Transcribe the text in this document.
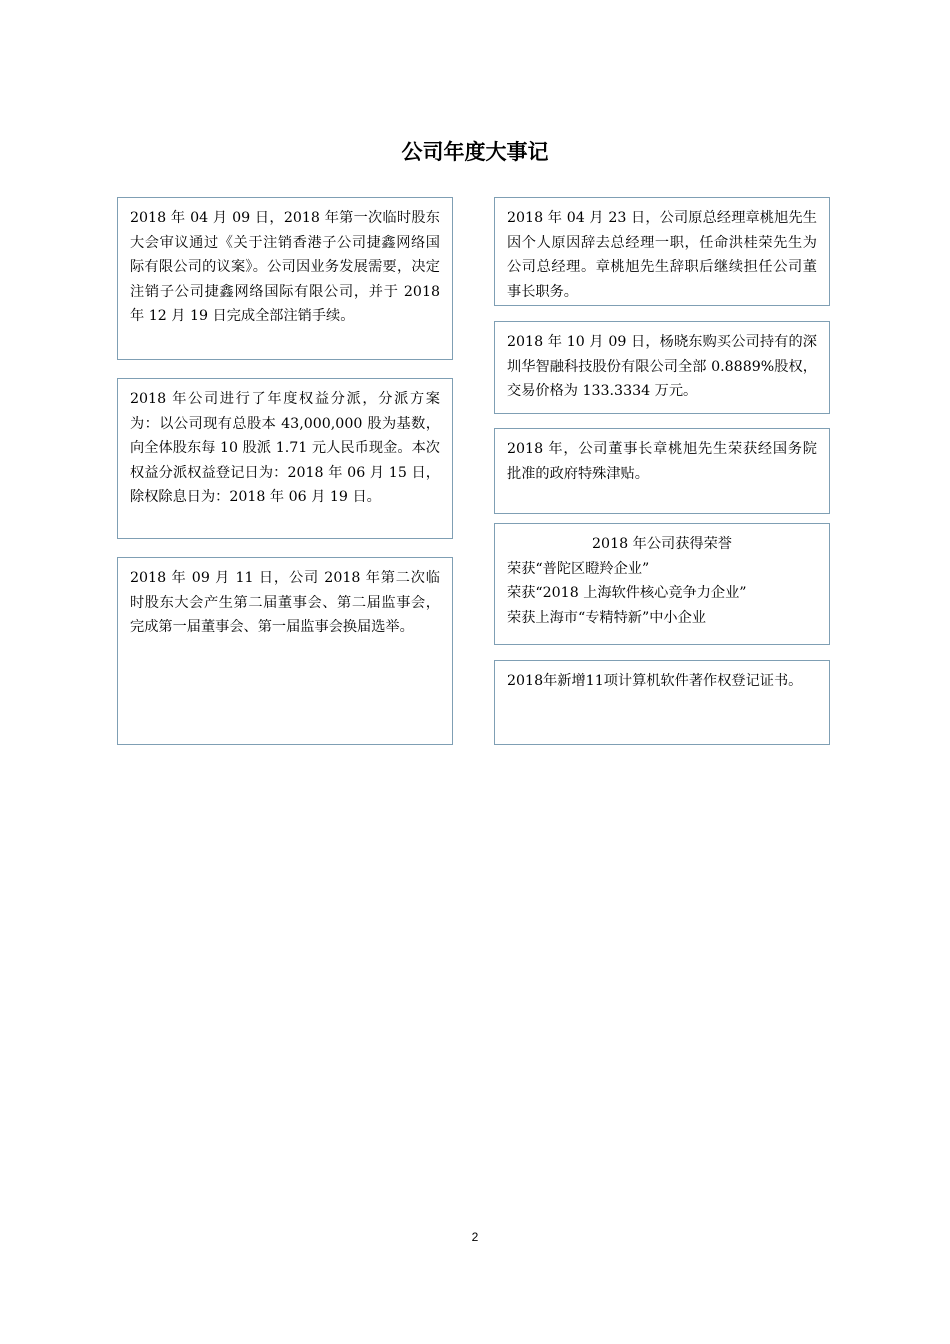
公司年度大事记

2018 年 04 月 09 日，2018 年第一次临时股东大会审议通过《关于注销香港子公司捷鑫网络国际有限公司的议案》。公司因业务发展需要，决定注销子公司捷鑫网络国际有限公司，并于 2018 年 12 月 19 日完成全部注销手续。

2018 年公司进行了年度权益分派，分派方案为：以公司现有总股本 43,000,000 股为基数，向全体股东每 10 股派 1.71 元人民币现金。本次权益分派权益登记日为：2018 年 06 月 15 日，除权除息日为：2018 年 06 月 19 日。

2018 年 09 月 11 日，公司 2018 年第二次临时股东大会产生第二届董事会、第二届监事会，完成第一届董事会、第一届监事会换届选举。

2018 年 04 月 23 日，公司原总经理章桃旭先生因个人原因辞去总经理一职，任命洪桂荣先生为公司总经理。章桃旭先生辞职后继续担任公司董事长职务。

2018 年 10 月 09 日，杨晓东购买公司持有的深圳华智融科技股份有限公司全部 0.8889%股权，交易价格为 133.3334 万元。

2018 年，公司董事长章桃旭先生荣获经国务院批准的政府特殊津贴。

2018 年公司获得荣誉

荣获“普陀区瞪羚企业”

荣获“2018 上海软件核心竞争力企业”

荣获上海市“专精特新”中小企业

2018年新增11项计算机软件著作权登记证书。

2
